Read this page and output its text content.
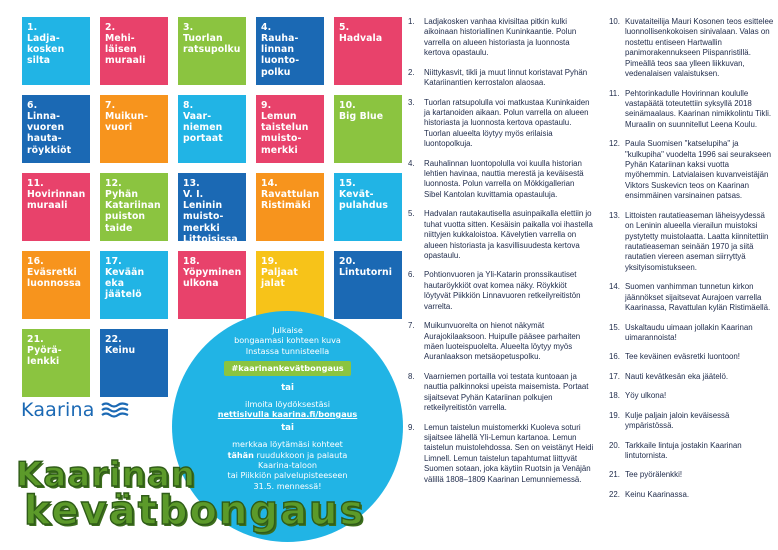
1.
Ladja-
kosken
silta
2.
Mehi-
läisen
muraali
3.
Tuorlan
ratsupolku
4.
Rauha-
linnan
luonto-
polku
5.
Hadvala
6.
Linna-
vuoren
hauta-
röykkiöt
7.
Muikun-
vuori
8.
Vaar-
niemen
portaat
9.
Lemun
taistelun
muisto-
merkki
10.
Big Blue
11.
Hovirinnan
muraali
12.
Pyhän
Katariinan
puiston
taide
13.
V. I. Leninin
muisto-
merkki
Littoisissa
14.
Ravattulan
Ristimäki
15.
Kevät-
pulahdus
16.
Eväsretki
luonnossa
17.
Kevään
eka
jäätelö
18.
Yöpyminen
ulkona
19.
Paljaat
jalat
20.
Lintutorni
21.
Pyörä-
lenkki
22.
Keinu
Julkaise
bongaamasi kohteen kuva
Instassa tunnisteella
#kaarinankevätbongaus
tai
ilmoita löydöksestäsi
nettisivulla kaarina.fi/bongaus
tai
merkkaa löytämäsi kohteet
tähän ruudukkoon ja palauta
Kaarina-taloon
tai Piikkiön palvelupisteeseen
31.5. mennessä!
Kaarina
Kaarinan
kevätbongaus
1.	Ladjakosken vanhaa kivisiltaa pitkin kulki aikoinaan historiallinen Kuninkaantie. Polun varrella on alueen historiasta ja luonnosta kertova opastaulu.
2.	Niittykasvit, tikli ja muut linnut koristavat Pyhän Katariinantien kerrostalon alaosaa.
3.	Tuorlan ratsupolulla voi matkustaa Kuninkaiden ja kartanoiden aikaan. Polun varrella on alueen historiasta ja luonnosta kertova opastaulu. Tuorlan alueelta löytyy myös erilaisia luontopolkuja.
4.	Rauhalinnan luontopolulla voi kuulla historian lehtien havinaa, nauttia merestä ja keväisestä luonnosta. Polun varrella on Mökkigallerian Sibel Kantolan kuvittamia opastauluja.
5.	Hadvalan rautakautisella asuinpaikalla elettiin jo tuhat vuotta sitten. Kesäisin paikalla voi ihastella niittyjen kukkaloistoa. Kävelytien varrella on alueen historiasta ja kasvillisuudesta kertova opastaulu.
6.	Pohtionvuoren ja Yli-Katarin pronssikautiset hautaröykkiöt ovat komea näky. Röykkiöt löytyvät Piikkiön Linnavuoren retkeilyreitistön varrelta.
7.	Muikunvuorelta on hienot näkymät Aurajokilaaksoon. Huipulle pääsee parhaiten mäen luoteispuolelta. Alueelta löytyy myös Auranlaakson metsäopetuspolku.
8.	Vaarniemen portailla voi testata kuntoaan ja nauttia palkinnoksi upeista maisemista. Portaat sijaitsevat Pyhän Katariinan polkujen retkeilyreitistön varrella.
9.	Lemun taistelun muistomerkki Kuoleva soturi sijaitsee lähellä Yli-Lemun kartanoa. Lemun taistelun muistolehdossa. Sen on veistänyt Heidi Limnell. Lemun taistelun tapahtumat liittyvät Suomen sotaan, joka käytiin Ruotsin ja Venäjän välillä 1808–1809 Kaarinan Lemunniemessä.
10. Kuvataiteilija Mauri Kosonen teos esittelee luonnollisenkokoisen sinivalaan. Valas on nostettu entiseen Hartwallin panimorakennukseen Piispanristillä. Pimeällä teos saa ylleen liikkuvan, vedenalaisen valaistuksen.
11. Pehtorinkadulle Hovirinnan koululle vastapäätä toteutettiin syksyllä 2018 seinämaalaus. Kaarinan nimikkolintu Tikli. Muraalin on suunnitellut Leena Koulu.
12. Paula Suomisen "katselupiha" ja "kulkupiha" vuodelta 1996 sai seurakseen Pyhän Katariinan kaksi vuotta myöhemmin. Latvialaisen kuvanveistäjän Viktors Suskevicn teos on Kaarinan ensimmäinen varsinainen patsas.
13. Littoisten rautatieaseman läheisyydessä on Leninin alueella vierailun muistoksi pystytetty muistolaatta. Laatta kiinnitettiin rautatieaseman seinään 1970 ja siitä rautatien viereen aseman siirryttyä yksityisomistukseen.
14. Suomen vanhimman tunnetun kirkon jäännökset sijaitsevat Aurajoen varrella Kaarinassa, Ravattulan kylän Ristimäellä.
15. Uskaltaudu uimaan jollakin Kaarinan uimarannoista!
16. Tee keväinen eväsretki luontoon!
17. Nauti kevätkesän eka jäätelö.
18. Yöy ulkona!
19. Kulje paljain jaloin keväisessä ympäristössä.
20. Tarkkaile lintuja jostakin Kaarinan lintutornista.
21. Tee pyörälenkki!
22. Keinu Kaarinassa.
